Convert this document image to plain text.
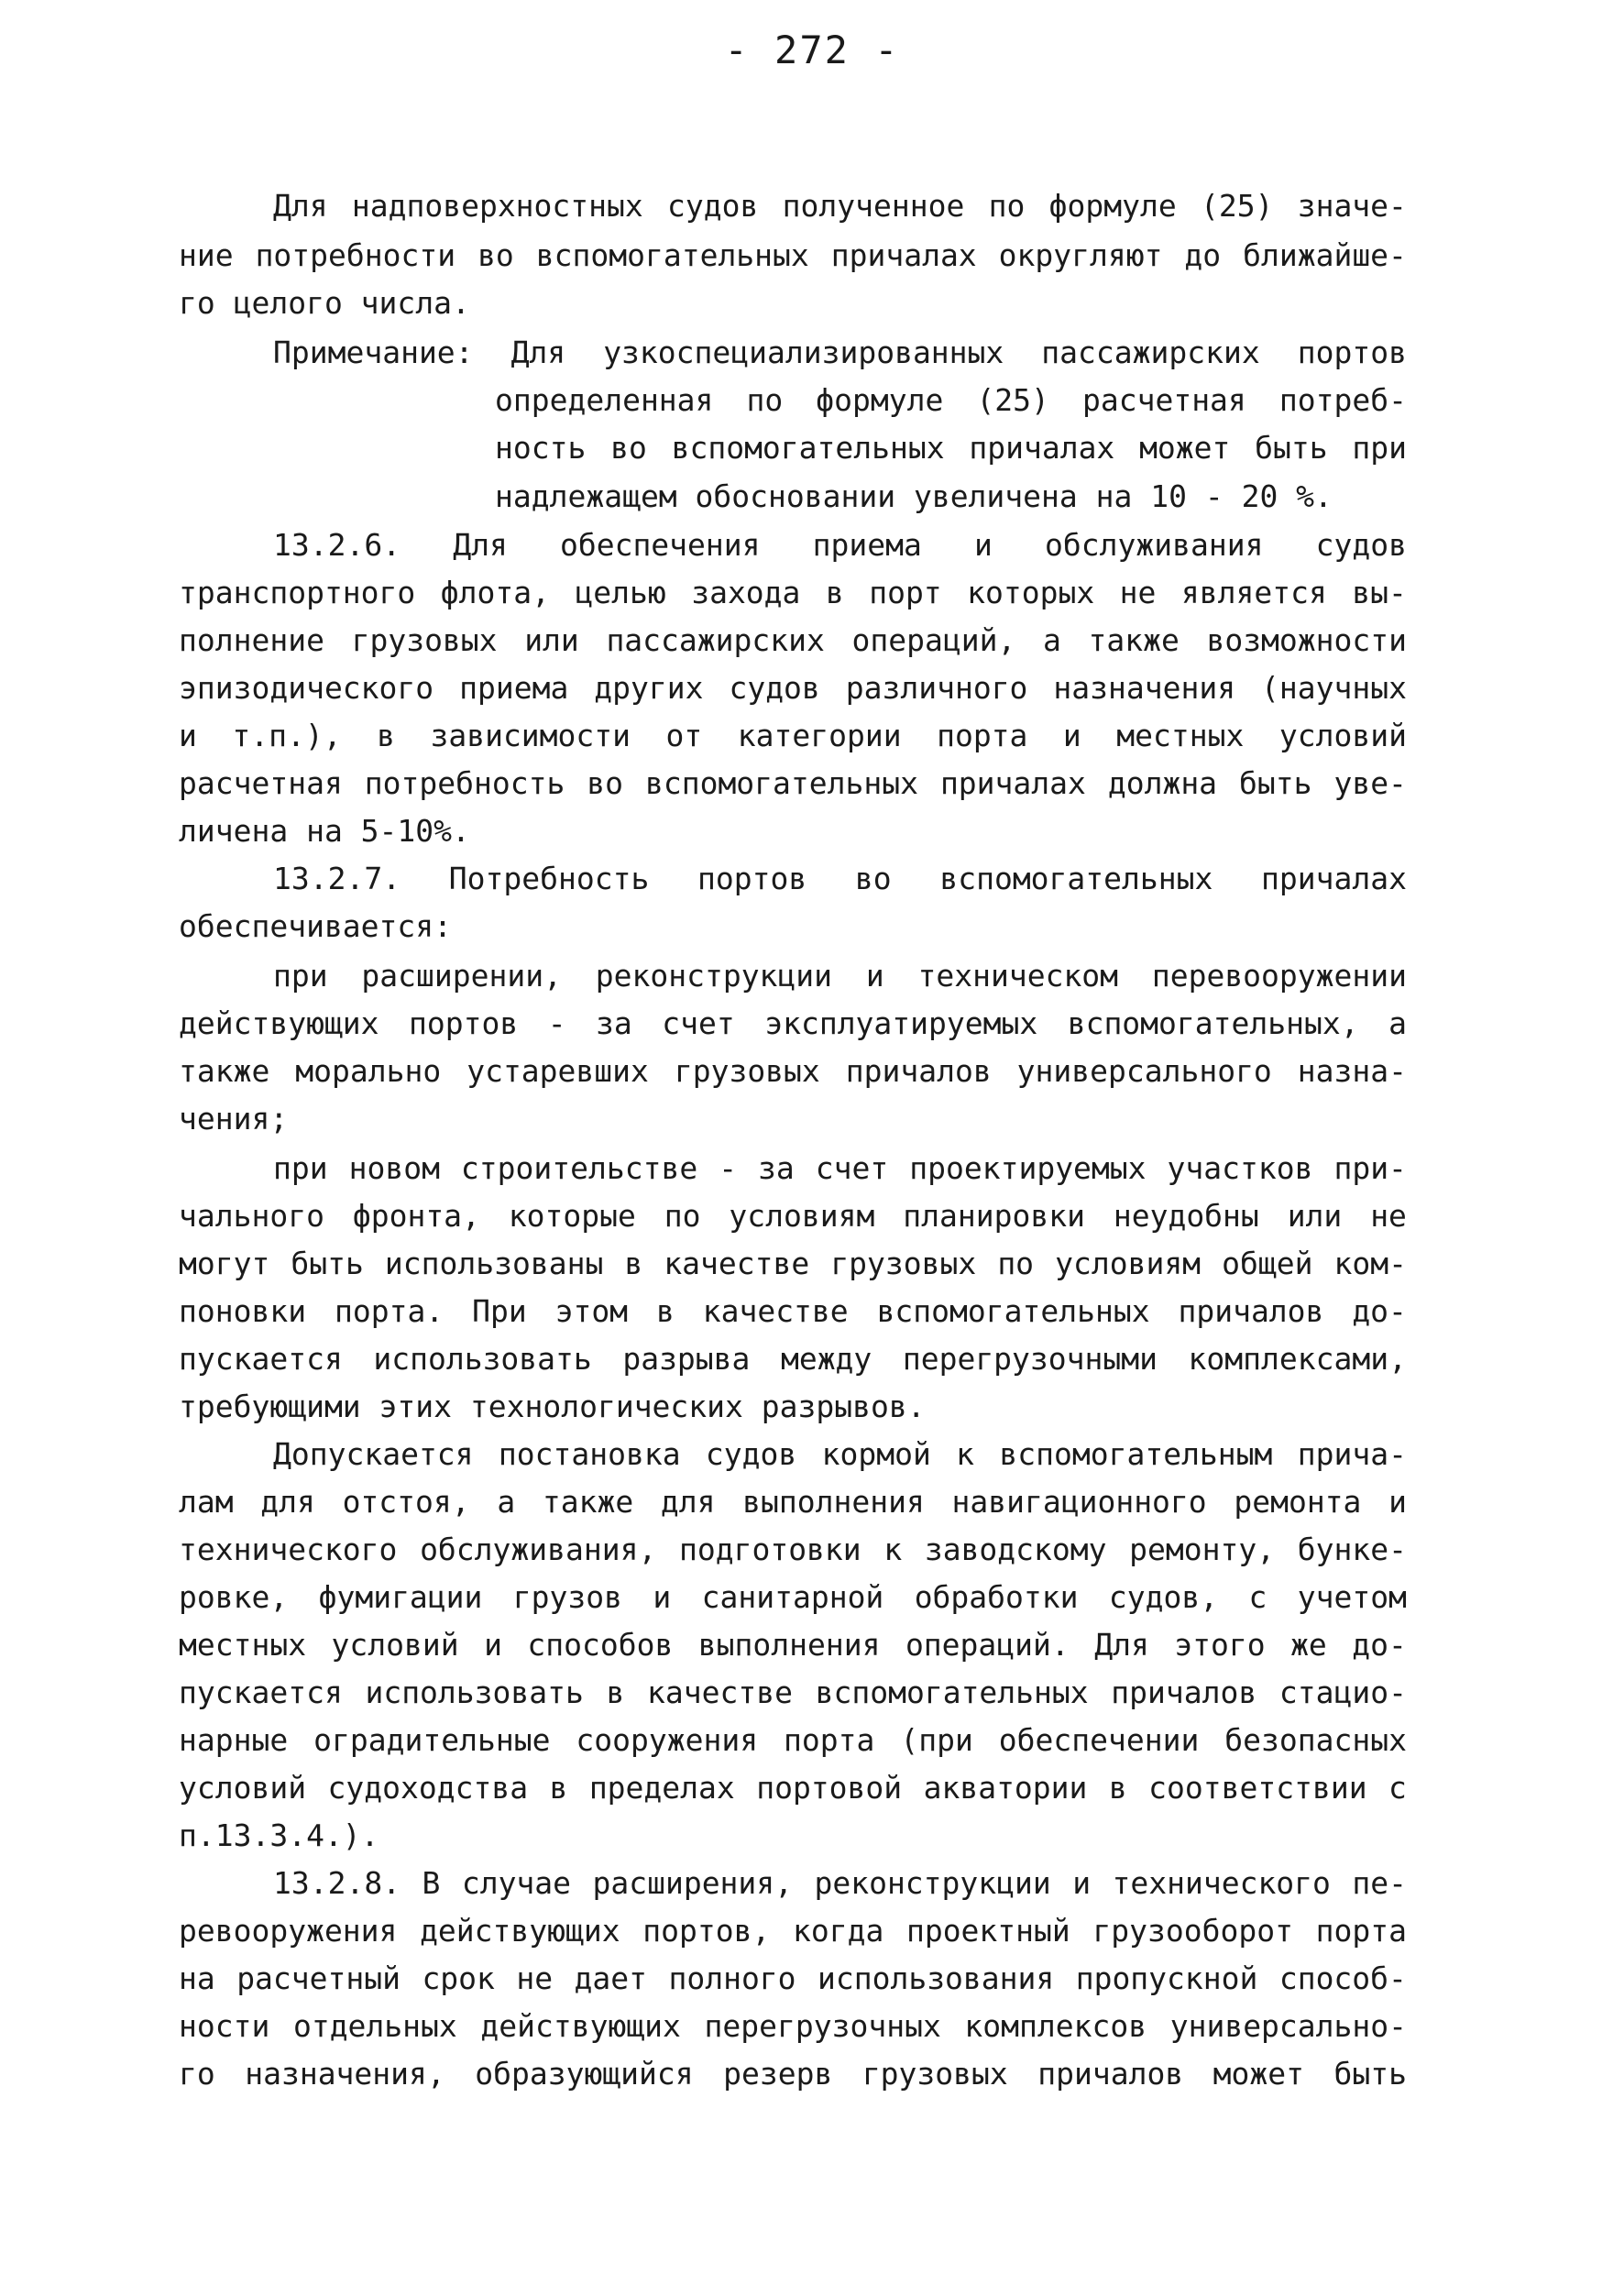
- 272 -
Для надповерхностных судов полученное по формуле (25) значе-
ние потребности во вспомогательных причалах округляют до ближайше-
го целого числа.
Примечание: Для узкоспециализированных пассажирских портов
определенная по формуле (25) расчетная потреб-
ность во вспомогательных причалах может быть при
надлежащем обосновании увеличена на 10 - 20 %.
13.2.6. Для обеспечения приема и обслуживания судов
транспортного флота, целью захода в порт которых не является вы-
полнение грузовых или пассажирских операций, а также возможности
эпизодического приема других судов различного назначения (научных
и т.п.), в зависимости от категории порта и местных условий
расчетная потребность во вспомогательных причалах должна быть уве-
личена на 5-10%.
13.2.7. Потребность портов во вспомогательных причалах
обеспечивается:
при расширении, реконструкции и техническом перевооружении
действующих портов - за счет эксплуатируемых вспомогательных, а
также морально устаревших грузовых причалов универсального назна-
чения;
при новом строительстве - за счет проектируемых участков при-
чального фронта, которые по условиям планировки неудобны или не
могут быть использованы в качестве грузовых по условиям общей ком-
поновки порта. При этом в качестве вспомогательных причалов до-
пускается использовать разрыва между перегрузочными комплексами,
требующими этих технологических разрывов.
Допускается постановка судов кормой к вспомогательным прича-
лам для отстоя, а также для выполнения навигационного ремонта и
технического обслуживания, подготовки к заводскому ремонту, бунке-
ровке, фумигации грузов и санитарной обработки судов, с учетом
местных условий и способов выполнения операций. Для этого же до-
пускается использовать в качестве вспомогательных причалов стацио-
нарные оградительные сооружения порта (при обеспечении безопасных
условий судоходства в пределах портовой акватории в соответствии с
п.13.3.4.).
13.2.8. В случае расширения, реконструкции и технического пе-
ревооружения действующих портов, когда проектный грузооборот порта
на расчетный срок не дает полного использования пропускной способ-
ности отдельных действующих перегрузочных комплексов универсально-
го назначения, образующийся резерв грузовых причалов может быть
